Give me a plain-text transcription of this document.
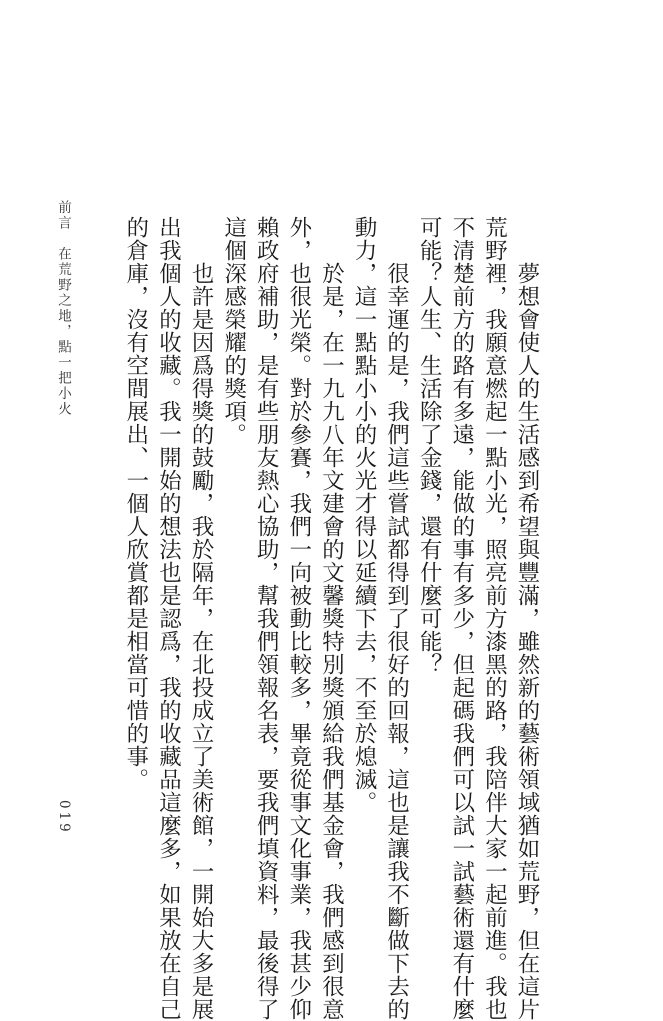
　　夢想會使人的生活感到希望與豐滿，雖然新的藝術領域猶如荒野，但在這片

荒野裡，我願意燃起一點小光，照亮前方漆黑的路，我陪伴大家一起前進。我也

不清楚前方的路有多遠，能做的事有多少，但起碼我們可以試一試藝術還有什麼

可能？人生、生活除了金錢，還有什麼可能？

　　很幸運的是，我們這些嘗試都得到了很好的回報，這也是讓我不斷做下去的

動力，這一點點小小的火光才得以延續下去，不至於熄滅。

　　於是，在一九九八年文建會的文馨獎特別獎頒給我們基金會，我們感到很意

外，也很光榮。對於參賽，我們一向被動比較多，畢竟從事文化事業，我甚少仰

賴政府補助，是有些朋友熱心協助，幫我們領報名表，要我們填資料，最後得了

這個深感榮耀的獎項。

　　也許是因爲得獎的鼓勵，我於隔年，在北投成立了美術館，一開始大多是展

出我個人的收藏。我一開始的想法也是認爲，我的收藏品這麼多，如果放在自己

的倉庫，沒有空間展出、一個人欣賞都是相當可惜的事。

前言　在荒野之地，點一把小火
019
